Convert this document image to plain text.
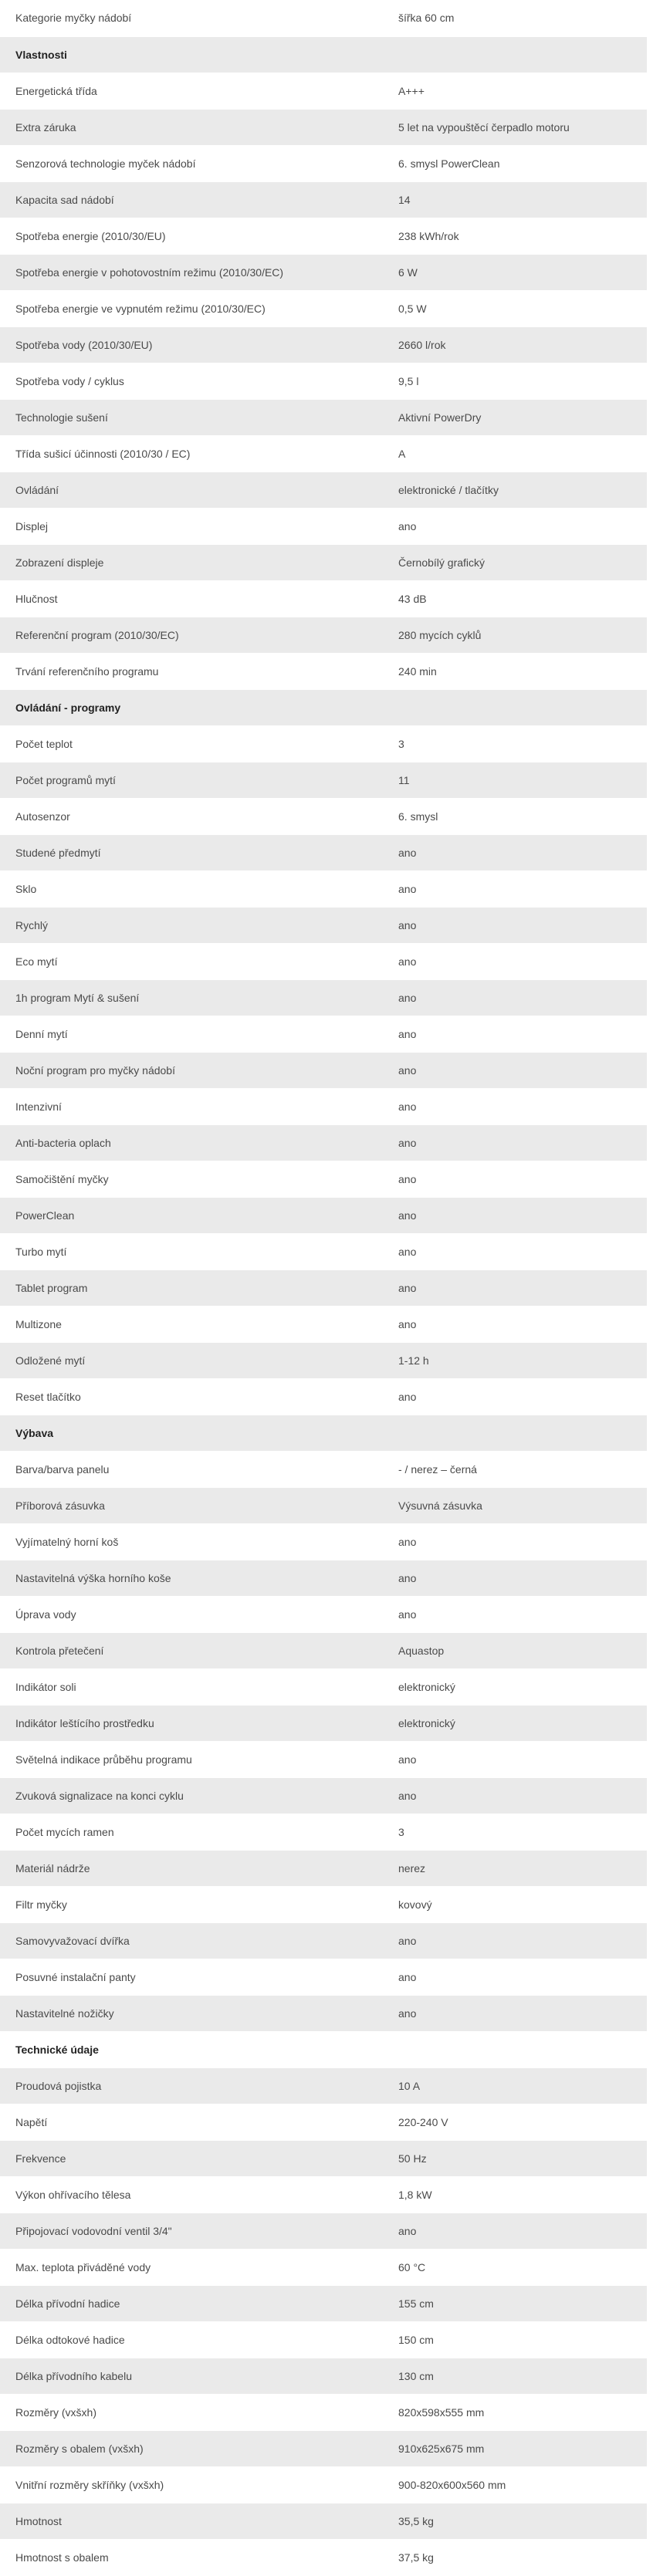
Kategorie myčky nádobí	šířka 60 cm
Vlastnosti	
Energetická třída	A+++
Extra záruka	5 let na vypouštěcí čerpadlo motoru
Senzorová technologie myček nádobí	6. smysl PowerClean
Kapacita sad nádobí	14
Spotřeba energie (2010/30/EU)	238 kWh/rok
Spotřeba energie v pohotovostním režimu (2010/30/EC)	6 W
Spotřeba energie ve vypnutém režimu (2010/30/EC)	0,5 W
Spotřeba vody (2010/30/EU)	2660 l/rok
Spotřeba vody / cyklus	9,5 l
Technologie sušení	Aktivní PowerDry
Třída sušicí účinnosti (2010/30 / EC)	A
Ovládání	elektronické / tlačítky
Displej	ano
Zobrazení displeje	Černobílý grafický
Hlučnost	43 dB
Referenční program (2010/30/EC)	280 mycích cyklů
Trvání referenčního programu	240 min
Ovládání - programy	
Počet teplot	3
Počet programů mytí	11
Autosenzor	6. smysl
Studené předmytí	ano
Sklo	ano
Rychlý	ano
Eco mytí	ano
1h program Mytí & sušení	ano
Denní mytí	ano
Noční program pro myčky nádobí	ano
Intenzivní	ano
Anti-bacteria oplach	ano
Samočištění myčky	ano
PowerClean	ano
Turbo mytí	ano
Tablet program	ano
Multizone	ano
Odložené mytí	1-12 h
Reset tlačítko	ano
Výbava	
Barva/barva panelu	- / nerez – černá
Příborová zásuvka	Výsuvná zásuvka
Vyjímatelný horní koš	ano
Nastavitelná výška horního koše	ano
Úprava vody	ano
Kontrola přetečení	Aquastop
Indikátor soli	elektronický
Indikátor leštícího prostředku	elektronický
Světelná indikace průběhu programu	ano
Zvuková signalizace na konci cyklu	ano
Počet mycích ramen	3
Materiál nádrže	nerez
Filtr myčky	kovový
Samovyvažovací dvířka	ano
Posuvné instalační panty	ano
Nastavitelné nožičky	ano
Technické údaje	
Proudová pojistka	10 A
Napětí	220-240 V
Frekvence	50 Hz
Výkon ohřívacího tělesa	1,8 kW
Připojovací vodovodní ventil 3/4"	ano
Max. teplota přiváděné vody	60 °C
Délka přívodní hadice	155 cm
Délka odtokové hadice	150 cm
Délka přívodního kabelu	130 cm
Rozměry (vxšxh)	820x598x555 mm
Rozměry s obalem (vxšxh)	910x625x675 mm
Vnitřní rozměry skříňky (vxšxh)	900-820x600x560 mm
Hmotnost	35,5 kg
Hmotnost s obalem	37,5 kg
